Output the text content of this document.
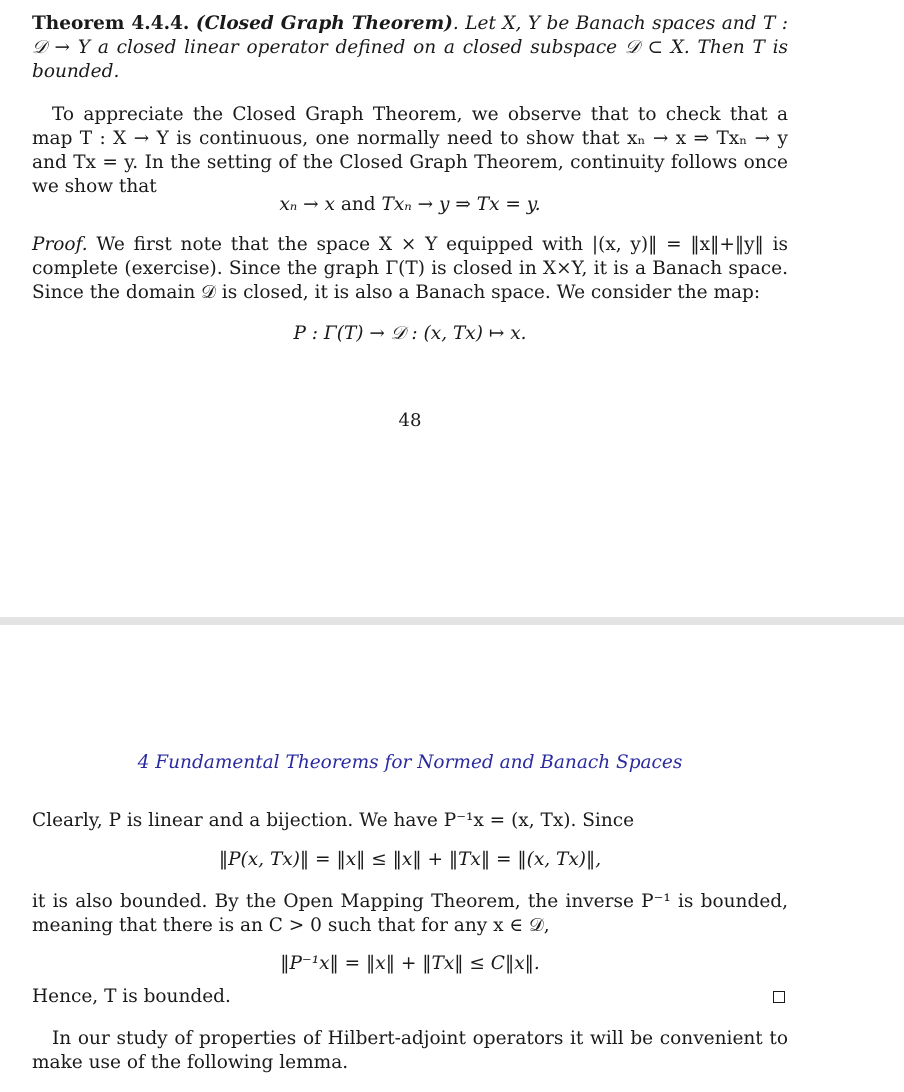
Theorem 4.4.4. (Closed Graph Theorem). Let X, Y be Banach spaces and T : 𝒟 → Y a closed linear operator defined on a closed subspace 𝒟 ⊂ X. Then T is bounded.

To appreciate the Closed Graph Theorem, we observe that to check that a map T : X → Y is continuous, one normally need to show that xₙ → x ⇒ Txₙ → y and Tx = y. In the setting of the Closed Graph Theorem, continuity follows once we show that

xₙ → x and Txₙ → y ⇒ Tx = y.

Proof. We first note that the space X × Y equipped with |(x, y)‖ = ‖x‖+‖y‖ is complete (exercise). Since the graph Γ(T) is closed in X×Y, it is a Banach space. Since the domain 𝒟 is closed, it is also a Banach space. We consider the map:

P : Γ(T) → 𝒟 : (x, Tx) ↦ x.
48
4 Fundamental Theorems for Normed and Banach Spaces

Clearly, P is linear and a bijection. We have P⁻¹x = (x, Tx). Since

‖P(x, Tx)‖ = ‖x‖ ≤ ‖x‖ + ‖Tx‖ = ‖(x, Tx)‖,

it is also bounded. By the Open Mapping Theorem, the inverse P⁻¹ is bounded, meaning that there is an C > 0 such that for any x ∈ 𝒟,

‖P⁻¹x‖ = ‖x‖ + ‖Tx‖ ≤ C‖x‖.

Hence, T is bounded.

In our study of properties of Hilbert-adjoint operators it will be convenient to make use of the following lemma.
